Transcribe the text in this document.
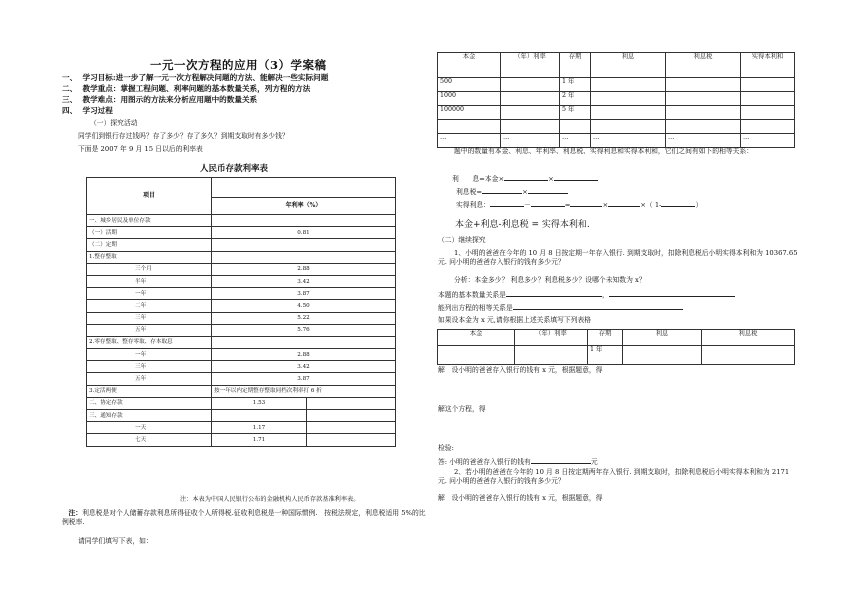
一元一次方程的应用（3）学案稿
一、 学习目标:进一步了解一元一次方程解决问题的方法、能解决一些实际问题
二、 教学重点：掌握工程问题、利率问题的基本数量关系，列方程的方法
三、 教学难点：用图示的方法来分析应用题中的数量关系
四、 学习过程
（一）探究活动
同学们到银行存过钱吗？存了多少？存了多久？到期支取时有多少钱？
下面是 2007 年 9 月 15 日以后的利率表
人民币存款利率表
项目		
	年利率（%）	
一、城乡居民及单位存款		
（一）活期	0.81	
（二）定期		
1.整存整取		
三个月	2.88	
半年	3.42	
一年	3.87	
二年	4.50	
三年	5.22	
五年	5.76	
2.零存整取、整存零取、存本取息		
一年	2.88	
三年	3.42	
五年	3.87	
3.定活两便	按一年以内定期整存整取同档次利率打 6 折	
二、协定存款	1.53	
三、通知存款		
一天	1.17	
七天	1.71	
注：本表为中国人民银行公布的金融机构人民币存款基准利率表。
注：利息税是对个人储蓄存款利息所得征收个人所得税.征收利息税是一种国际惯例.　按税法规定，利息税适用 5%的比例税率.
请同学们填写下表，如：
本金	（年）利率	存期	利息	利息税	实得本利和
500		1 年			
1000		2 年			
100000		5 年			

…	…	…	…	…	…
题中的数量有本金、利息、年利率、利息税、实得利息和实得本利和，它们之间有如下的相等关系：
利　　息=本金×	×
利息税=	×
实得利息：	－	=	×	×（ 1-	）
本金+利息-利息税 = 实得本利和.
（二）继续探究
1、小明的爸爸在今年的 10 月 8 日按定期一年存入银行. 到期支取时，扣除利息税后小明实得本利和为 10367.65 元. 问小明的爸爸存入银行的钱有多少元？
分析：本金多少？ 利息多少？利息税多少？设哪个未知数为 x？
本题的基本数量关系是	，
能列出方程的相等关系是
如果设本金为 x 元,请你根据上述关系填写下列表格
本金	（年）利率	存期	利息	利息税
		1 年		
解　设小明的爸爸存入银行的钱有 x 元，根据题意，得
解这个方程，得
检验:
答: 小明的爸爸存入银行的钱有	元
2、若小明的爸爸在今年的 10 月 8 日按定期两年存入银行. 到期支取时，扣除利息税后小明实得本利和为 2171 元. 问小明的爸爸存入银行的钱有多少元？
解　设小明的爸爸存入银行的钱有 x 元，根据题意，得
